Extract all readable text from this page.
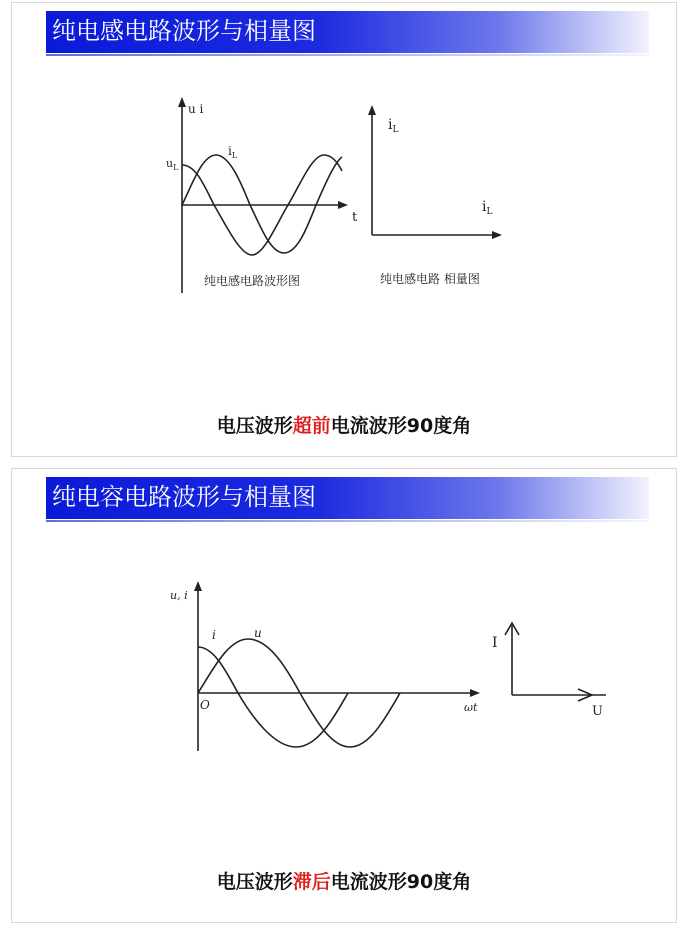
纯电感电路波形与相量图
u i
t
$u_L$
$i_L$
纯电感电路波形图
$i_L$
$i_L$
纯电感电路 相量图
电压波形超前电流波形90度角
纯电容电路波形与相量图
u, i
ωt
O
i	u
I
U
电压波形滞后电流波形90度角
